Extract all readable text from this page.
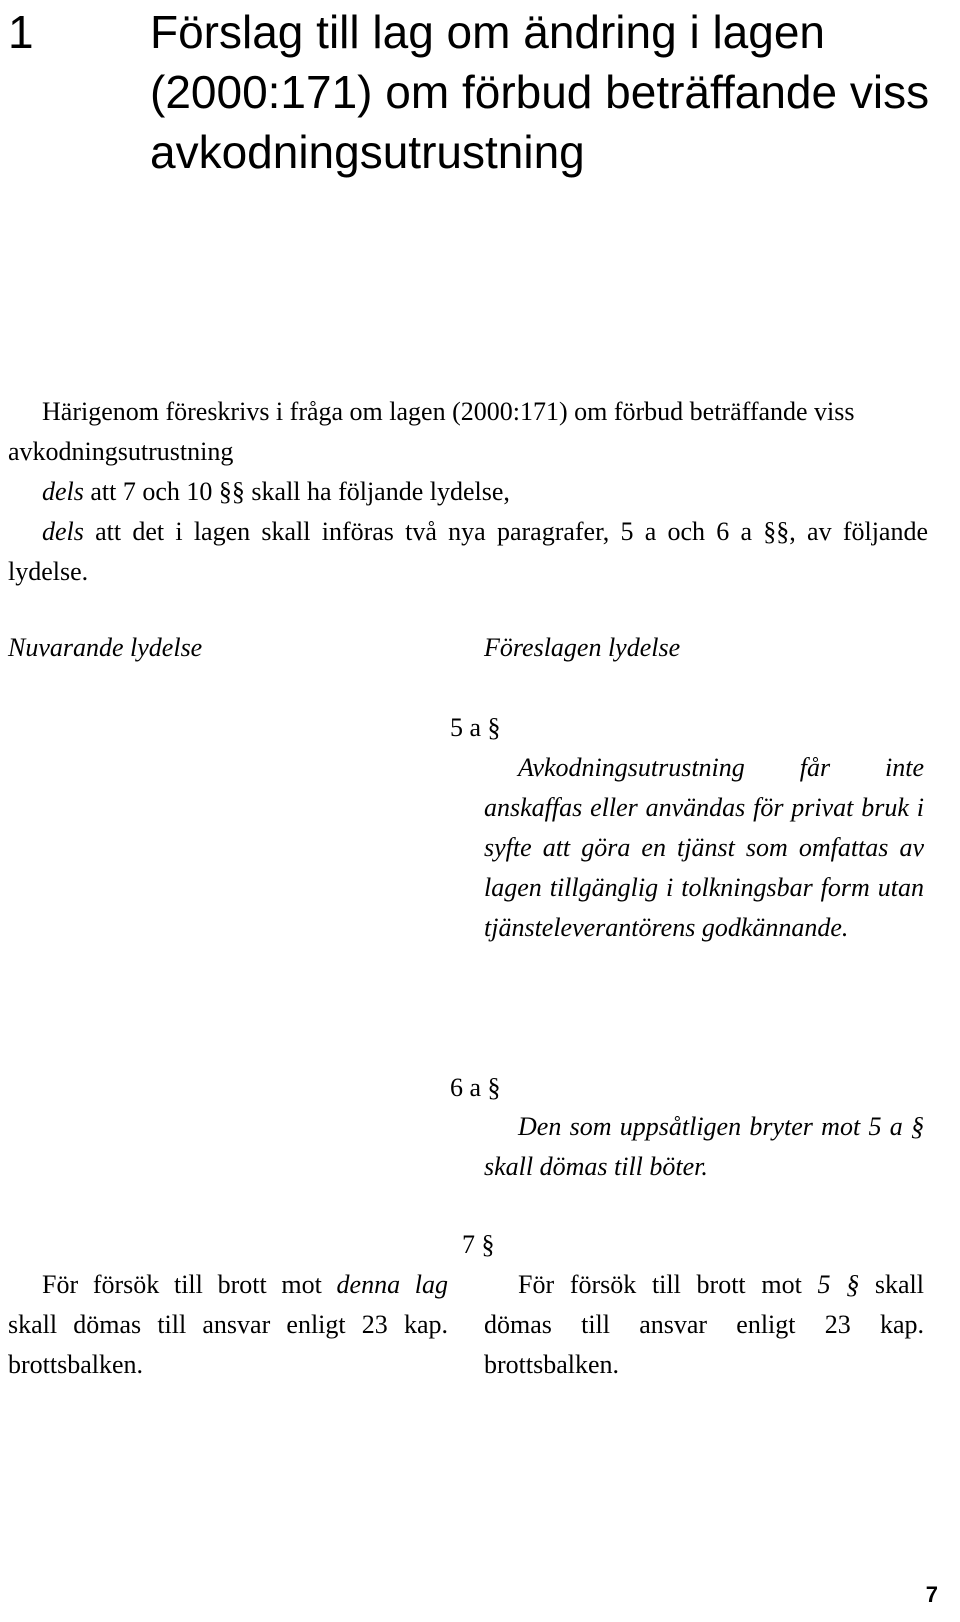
1	Förslag till lag om ändring i lagen (2000:171) om förbud beträffande viss avkodningsutrustning

Härigenom föreskrivs i fråga om lagen (2000:171) om förbud beträffande viss avkodningsutrustning

dels att 7 och 10 §§ skall ha följande lydelse,

dels att det i lagen skall införas två nya paragrafer, 5 a och 6 a §§, av följande lydelse.

Nuvarande lydelse	Föreslagen lydelse
5 a §
Avkodningsutrustning får inte anskaffas eller användas för privat bruk i syfte att göra en tjänst som omfattas av lagen tillgänglig i tolkningsbar form utan tjänsteleverantörens godkännande.
6 a §
Den som uppsåtligen bryter mot 5 a § skall dömas till böter.
7 §
För försök till brott mot denna lag skall dömas till ansvar enligt 23 kap. brottsbalken.
För försök till brott mot 5 § skall dömas till ansvar enligt 23 kap. brottsbalken.
7
